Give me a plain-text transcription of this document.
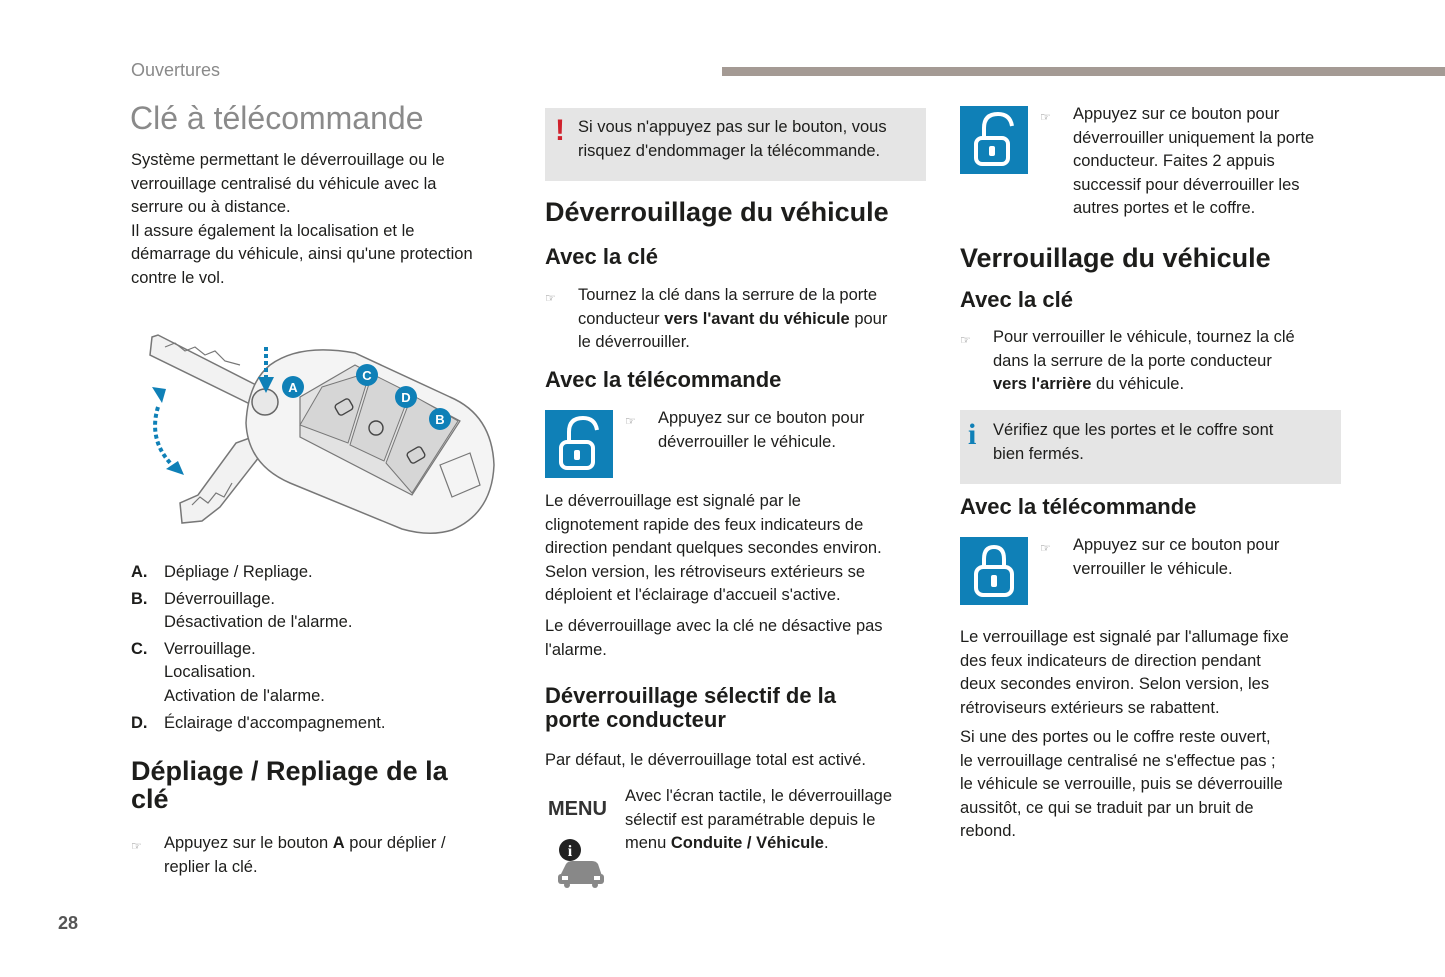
Ouvertures
Clé à télécommande
Système permettant le déverrouillage ou le
verrouillage centralisé du véhicule avec la
serrure ou à distance.
Il assure également la localisation et le
démarrage du véhicule, ainsi qu'une protection
contre le vol.
A
C
D
B
A.	Dépliage / Repliage.
B.	Déverrouillage.
Désactivation de l'alarme.
C.	Verrouillage.
Localisation.
Activation de l'alarme.
D.	Éclairage d'accompagnement.
Dépliage / Repliage de la clé
☞	Appuyez sur le bouton A pour déplier /
replier la clé.
! Si vous n'appuyez pas sur le bouton, vous
risquez d'endommager la télécommande.
Déverrouillage du véhicule
Avec la clé
☞	Tournez la clé dans la serrure de la porte
conducteur vers l'avant du véhicule pour
le déverrouiller.
Avec la télécommande
☞	Appuyez sur ce bouton pour
déverrouiller le véhicule.
Le déverrouillage est signalé par le
clignotement rapide des feux indicateurs de
direction pendant quelques secondes environ.
Selon version, les rétroviseurs extérieurs se
déploient et l'éclairage d'accueil s'active.
Le déverrouillage avec la clé ne désactive pas
l'alarme.
Déverrouillage sélectif de la
porte conducteur
Par défaut, le déverrouillage total est activé.
MENU
i
Avec l'écran tactile, le déverrouillage
sélectif est paramétrable depuis le
menu Conduite / Véhicule.
☞	Appuyez sur ce bouton pour
déverrouiller uniquement la porte
conducteur. Faites 2 appuis
successif pour déverrouiller les
autres portes et le coffre.
Verrouillage du véhicule
Avec la clé
☞	Pour verrouiller le véhicule, tournez la clé
dans la serrure de la porte conducteur
vers l'arrière du véhicule.
i Vérifiez que les portes et le coffre sont
bien fermés.
Avec la télécommande
☞	Appuyez sur ce bouton pour
verrouiller le véhicule.
Le verrouillage est signalé par l'allumage fixe
des feux indicateurs de direction pendant
deux secondes environ. Selon version, les
rétroviseurs extérieurs se rabattent.
Si une des portes ou le coffre reste ouvert,
le verrouillage centralisé ne s'effectue pas ;
le véhicule se verrouille, puis se déverrouille
aussitôt, ce qui se traduit par un bruit de
rebond.
28
